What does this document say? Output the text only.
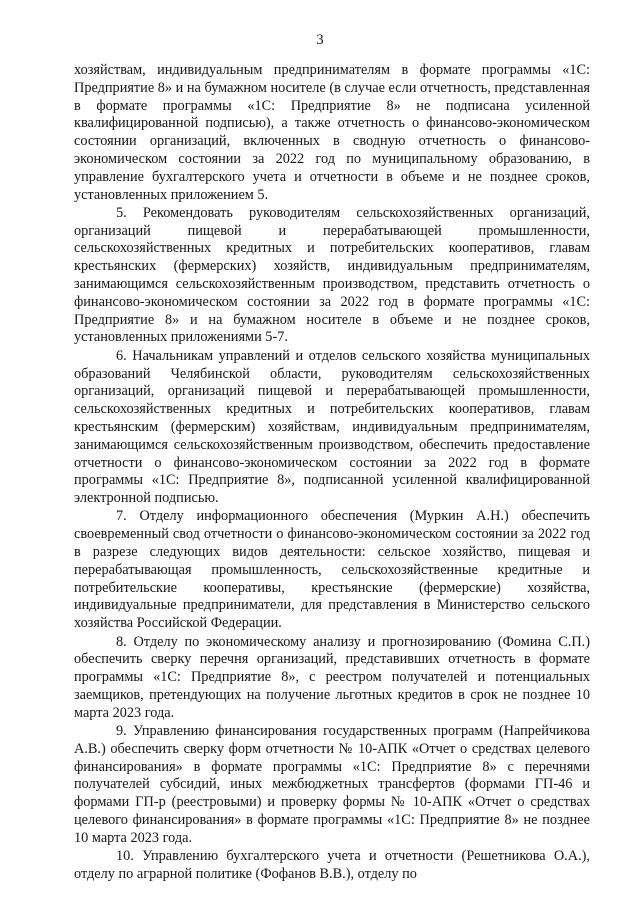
3

хозяйствам, индивидуальным предпринимателям в формате программы «1С: Предприятие 8» и на бумажном носителе (в случае если отчетность, представленная в формате программы «1С: Предприятие 8» не подписана усиленной квалифицированной подписью), а также отчетность о финансово-экономическом состоянии организаций, включенных в сводную отчетность о финансово-экономическом состоянии за 2022 год по муниципальному образованию, в управление бухгалтерского учета и отчетности в объеме и не позднее сроков, установленных приложением 5.

5. Рекомендовать руководителям сельскохозяйственных организаций, организаций пищевой и перерабатывающей промышленности, сельскохозяйственных кредитных и потребительских кооперативов, главам крестьянских (фермерских) хозяйств, индивидуальным предпринимателям, занимающимся сельскохозяйственным производством, представить отчетность о финансово-экономическом состоянии за 2022 год в формате программы «1С: Предприятие 8» и на бумажном носителе в объеме и не позднее сроков, установленных приложениями 5-7.

6. Начальникам управлений и отделов сельского хозяйства муниципальных образований Челябинской области, руководителям сельскохозяйственных организаций, организаций пищевой и перерабатывающей промышленности, сельскохозяйственных кредитных и потребительских кооперативов, главам крестьянским (фермерским) хозяйствам, индивидуальным предпринимателям, занимающимся сельскохозяйственным производством, обеспечить предоставление отчетности о финансово-экономическом состоянии за 2022 год в формате программы «1С: Предприятие 8», подписанной усиленной квалифицированной электронной подписью.

7. Отделу информационного обеспечения (Муркин А.Н.) обеспечить своевременный свод отчетности о финансово-экономическом состоянии за 2022 год в разрезе следующих видов деятельности: сельское хозяйство, пищевая и перерабатывающая промышленность, сельскохозяйственные кредитные и потребительские кооперативы, крестьянские (фермерские) хозяйства, индивидуальные предприниматели, для представления в Министерство сельского хозяйства Российской Федерации.

8. Отделу по экономическому анализу и прогнозированию (Фомина С.П.) обеспечить сверку перечня организаций, представивших отчетность в формате программы «1С: Предприятие 8», с реестром получателей и потенциальных заемщиков, претендующих на получение льготных кредитов в срок не позднее 10 марта 2023 года.

9. Управлению финансирования государственных программ (Напрейчикова А.В.) обеспечить сверку форм отчетности № 10-АПК «Отчет о средствах целевого финансирования» в формате программы «1С: Предприятие 8» с перечнями получателей субсидий, иных межбюджетных трансфертов (формами ГП-46 и формами ГП-р (реестровыми) и проверку формы № 10-АПК «Отчет о средствах целевого финансирования» в формате программы «1С: Предприятие 8» не позднее 10 марта 2023 года.

10. Управлению бухгалтерского учета и отчетности (Решетникова О.А.), отделу по аграрной политике (Фофанов В.В.), отделу по
